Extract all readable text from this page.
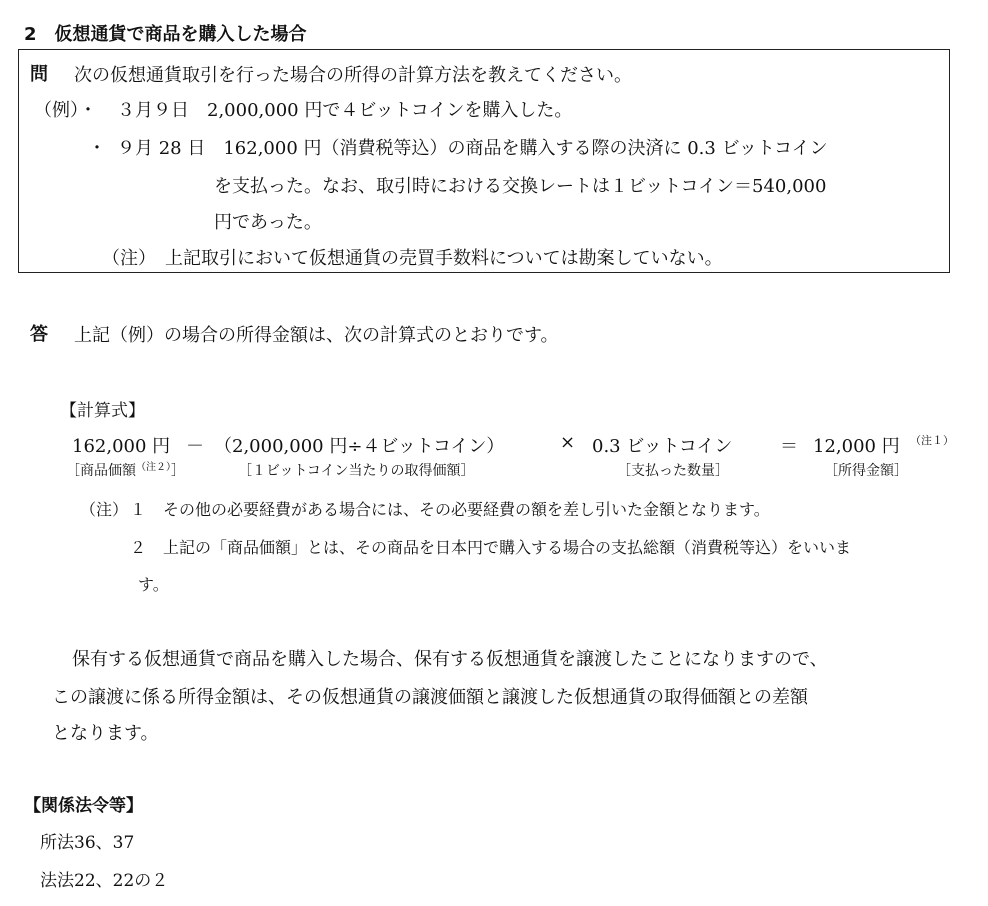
2　仮想通貨で商品を購入した場合
問 次の仮想通貨取引を行った場合の所得の計算方法を教えてください。
（例）・ ３月９日　2,000,000 円で４ビットコインを購入した。
・ ９月 28 日　162,000 円（消費税等込）の商品を購入する際の決済に 0.3 ビットコイン
を支払った。なお、取引時における交換レートは１ビットコイン＝540,000
円であった。
（注）　上記取引において仮想通貨の売買手数料については勘案していない。
答 上記（例）の場合の所得金額は、次の計算式のとおりです。
【計算式】
162,000 円 － （2,000,000 円÷４ビットコイン）	× 0.3 ビットコイン	＝ 12,000 円 （注１）
［商品価額$^{(注2)}$］	［１ビットコイン当たりの取得価額］	［支払った数量］	［所得金額］
（注） １ その他の必要経費がある場合には、その必要経費の額を差し引いた金額となります。
２ 上記の「商品価額」とは、その商品を日本円で購入する場合の支払総額（消費税等込）をいいま
す。
保有する仮想通貨で商品を購入した場合、保有する仮想通貨を譲渡したことになりますので、
この譲渡に係る所得金額は、その仮想通貨の譲渡価額と譲渡した仮想通貨の取得価額との差額
となります。
【関係法令等】
所法36、37
法法22、22の２
